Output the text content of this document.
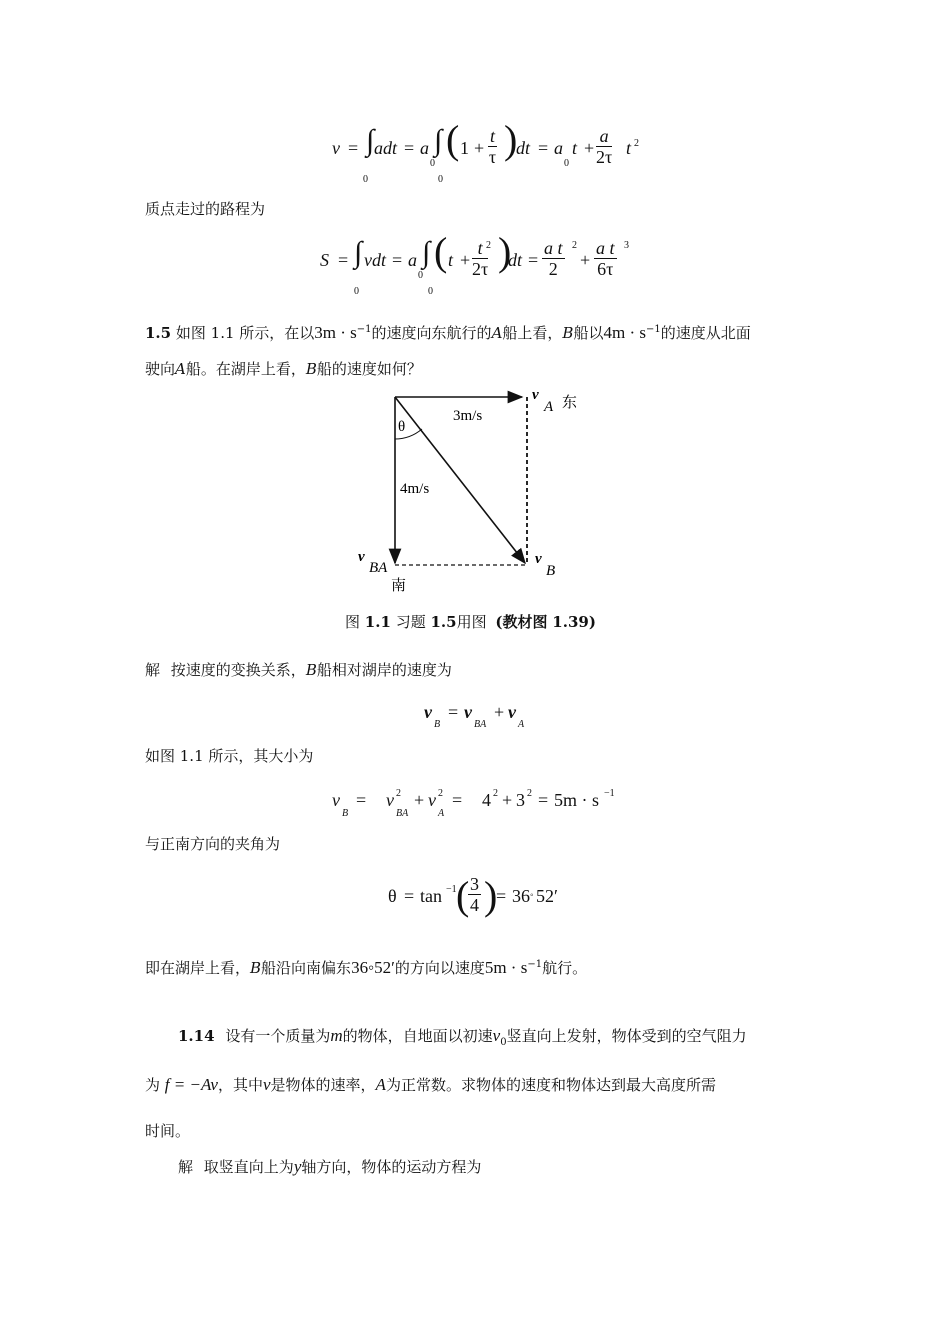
v = ∫ adt = a
0
∫ ( $1 + \frac{t}{\tau}$ )
dt = a
0
$t + \frac{a}{2\tau}$ t 2
0	0
质点走过的路程为
S = ∫ vdt = a
0
∫ ( $t + \frac{t}{2\tau}$
2 )
dt = $\frac{\text{a t}}{2} 2$
+ $\frac{\text{a t}}{6\tau} 3$
0	0
1.5 如图 1.1 所示，在以$3m \cdot s^{-1}$的速度向东航行的A船上看，B船以$4m \cdot s^{-1}$的速度从北面
驶向A船。在湖岸上看，B船的速度如何？
v
A 东
3m/s
θ
4m/s
v
BA
南
v
B
图 1.1 习题 1.5用图 (教材图 1.39)
解 按速度的变换关系，B船相对湖岸的速度为
v
B
= v
BA
+ v
A
如图 1.1 所示，其大小为
v
B
= v 2
BA
+ v 2
A
= 4 2 + 3 2 = 5m · s −1
与正南方向的夹角为
θ = tan −1 (
$\frac{3}{4}$ )
= 36 ◦ 52′
即在湖岸上看，B船沿向南偏东36◦52′的方向以速度$5m \cdot s^{-1}$航行。
1.14 设有一个质量为m的物体，自地面以初速$v_0$竖直向上发射，物体受到的空气阻力
为 f = −Av，其中v是物体的速率，A为正常数。求物体的速度和物体达到最大高度所需
时间。
解 取竖直向上为y轴方向，物体的运动方程为
